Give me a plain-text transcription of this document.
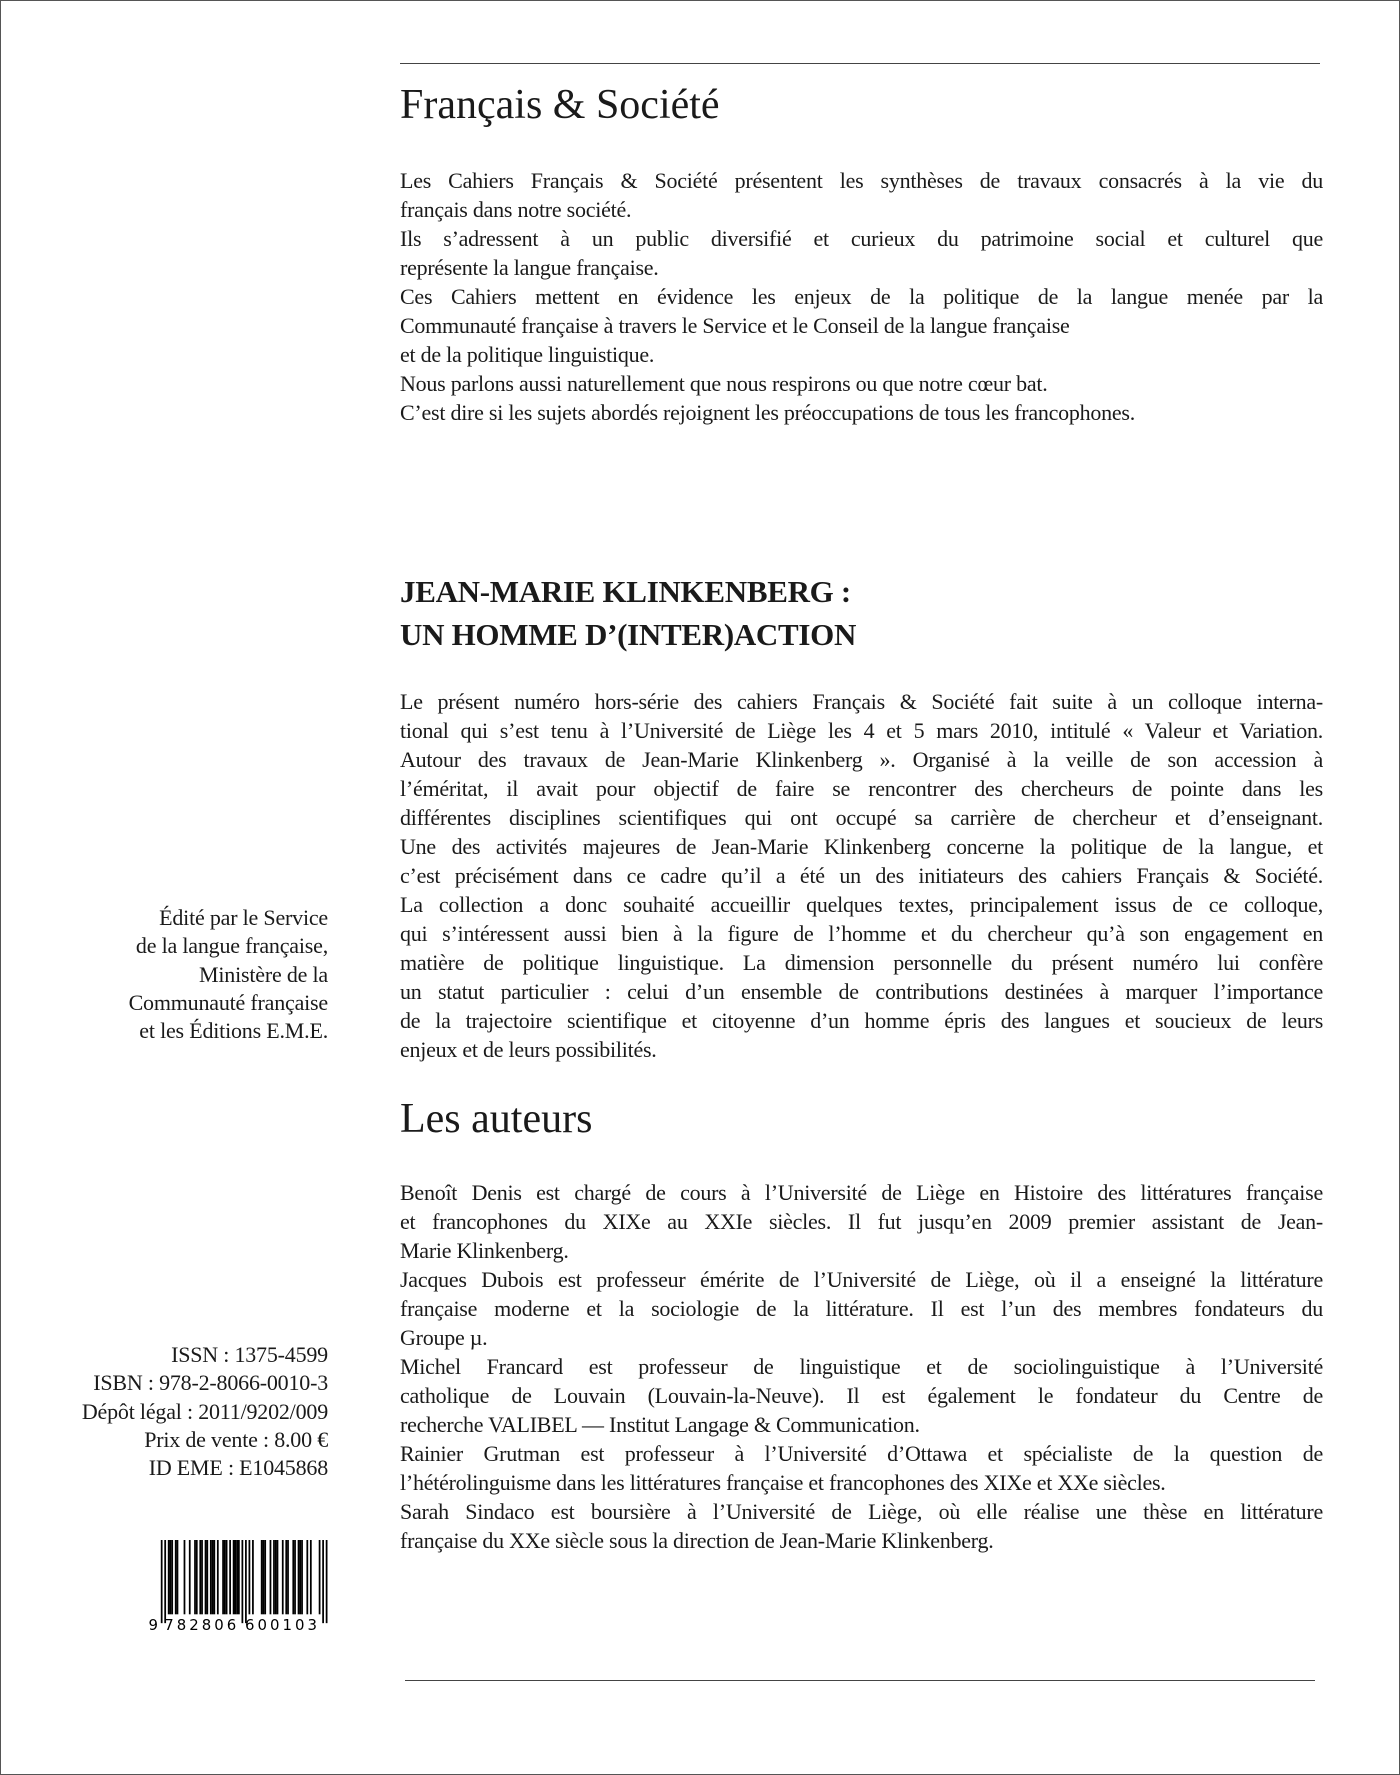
Français & Société
Les Cahiers Français & Société présentent les synthèses de travaux consacrés à la vie du
français dans notre société.
Ils s’adressent à un public diversifié et curieux du patrimoine social et culturel que
représente la langue française.
Ces Cahiers mettent en évidence les enjeux de la politique de la langue menée par la
Communauté française à travers le Service et le Conseil de la langue française
et de la politique linguistique.
Nous parlons aussi naturellement que nous respirons ou que notre cœur bat.
C’est dire si les sujets abordés rejoignent les préoccupations de tous les francophones.
JEAN-MARIE KLINKENBERG :
UN HOMME D’(INTER)ACTION
Le présent numéro hors-série des cahiers Français & Société fait suite à un colloque interna-
tional qui s’est tenu à l’Université de Liège les 4 et 5 mars 2010, intitulé « Valeur et Variation.
Autour des travaux de Jean-Marie Klinkenberg ». Organisé à la veille de son accession à
l’éméritat, il avait pour objectif de faire se rencontrer des chercheurs de pointe dans les
différentes disciplines scientifiques qui ont occupé sa carrière de chercheur et d’enseignant.
Une des activités majeures de Jean-Marie Klinkenberg concerne la politique de la langue, et
c’est précisément dans ce cadre qu’il a été un des initiateurs des cahiers Français & Société.
La collection a donc souhaité accueillir quelques textes, principalement issus de ce colloque,
qui s’intéressent aussi bien à la figure de l’homme et du chercheur qu’à son engagement en
matière de politique linguistique. La dimension personnelle du présent numéro lui confère
un statut particulier : celui d’un ensemble de contributions destinées à marquer l’importance
de la trajectoire scientifique et citoyenne d’un homme épris des langues et soucieux de leurs
enjeux et de leurs possibilités.
Les auteurs
Benoît Denis est chargé de cours à l’Université de Liège en Histoire des littératures française
et francophones du XIXe au XXIe siècles. Il fut jusqu’en 2009 premier assistant de Jean-
Marie Klinkenberg.
Jacques Dubois est professeur émérite de l’Université de Liège, où il a enseigné la littérature
française moderne et la sociologie de la littérature. Il est l’un des membres fondateurs du
Groupe µ.
Michel Francard est professeur de linguistique et de sociolinguistique à l’Université
catholique de Louvain (Louvain-la-Neuve). Il est également le fondateur du Centre de
recherche VALIBEL — Institut Langage & Communication.
Rainier Grutman est professeur à l’Université d’Ottawa et spécialiste de la question de
l’hétérolinguisme dans les littératures française et francophones des XIXe et XXe siècles.
Sarah Sindaco est boursière à l’Université de Liège, où elle réalise une thèse en littérature
française du XXe siècle sous la direction de Jean-Marie Klinkenberg.
Édité par le Service
de la langue française,
Ministère de la
Communauté française
et les Éditions E.M.E.
ISSN : 1375-4599
ISBN : 978-2-8066-0010-3
Dépôt légal : 2011/9202/009
Prix de vente : 8.00 €
ID EME : E1045868
9 782806 600103
